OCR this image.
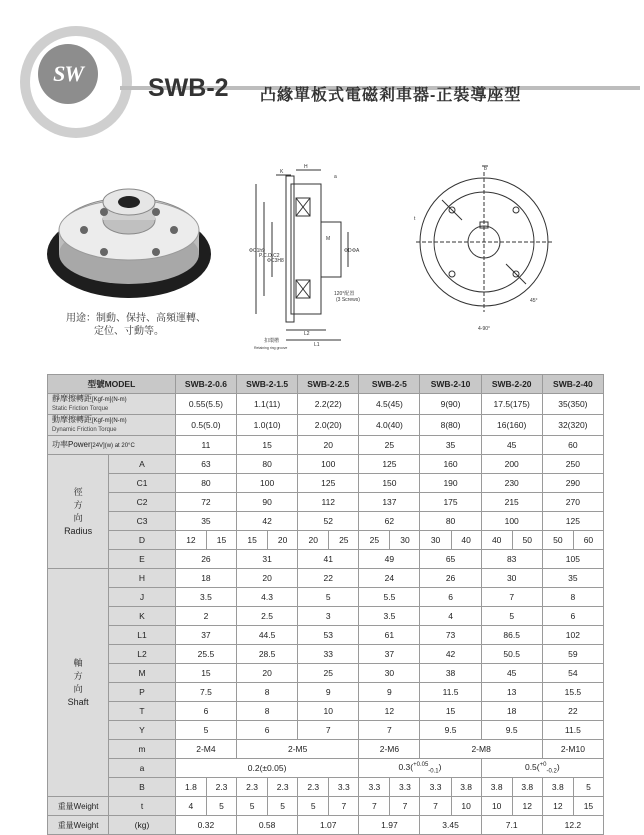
SW
SWB-2 凸緣單板式電磁剎車器-正裝導座型
用途：制動、保持、高頻運轉、
定位、寸動等。
H
K
a
ΦC1h9
P.C.D.C2
ΦC3H8
ΦD ΦA
M
120°配置
(3 Screws)
L2
L1
扣環槽
Retaining ring groove
b
t
45°
4-90°
型號MODEL		SWB-2-0.6		SWB-2-1.5		SWB-2-2.5		SWB-2-5		SWB-2-10		SWB-2-20		SWB-2-40	
靜摩擦轉距[Kgf-m](N-m)
Static Friction Torque		0.55(5.5)		1.1(11)		2.2(22)		4.5(45)		9(90)		17.5(175)		35(350)	
動摩擦轉距[Kgf-m](N-m)
Dynamic Friction Torque		0.5(5.0)		1.0(10)		2.0(20)		4.0(40)		8(80)		16(160)		32(320)	
功率Power[24V](w) at 20°C		11		15		20		25		35		45		60	
徑
方
向
Radius	A	63		80		100		125		160		200		250	
	C1	80		100		125		150		190		230		290	
	C2	72		90		112		137		175		215		270	
	C3	35		42		52		62		80		100		125	
	D	12	15	15	20	20	25	25	30	30	40	40	50	50	60
	E	26		31		41		49		65		83		105	
軸
方
向
Shaft	H	18		20		22		24		26		30		35	
	J	3.5		4.3		5		5.5		6		7		8	
	K	2		2.5		3		3.5		4		5		6	
	L1	37		44.5		53		61		73		86.5		102	
	L2	25.5		28.5		33		37		42		50.5		59	
	M	15		20		25		30		38		45		54	
	P	7.5		8		9		9		11.5		13		15.5	
	T	6		8		10		12		15		18		22	
	Y	5		6		7		7		9.5		9.5		11.5	
	m	2-M4		2-M5				2-M6		2-M8				2-M10	
	a	0.2(±0.05)						0.3($^{+0.05}_{-0.1}$)				0.5($^{+0}_{-0.2}$)			
	B	1.8	2.3	2.3	2.3	2.3	3.3	3.3	3.3	3.3	3.8	3.8	3.8	3.8	5
重量Weight	t	4	5	5	5	5	7	7	7	7	10	10	12	12	15
重量Weight	(kg)	0.32		0.58		1.07		1.97		3.45		7.1		12.2	
